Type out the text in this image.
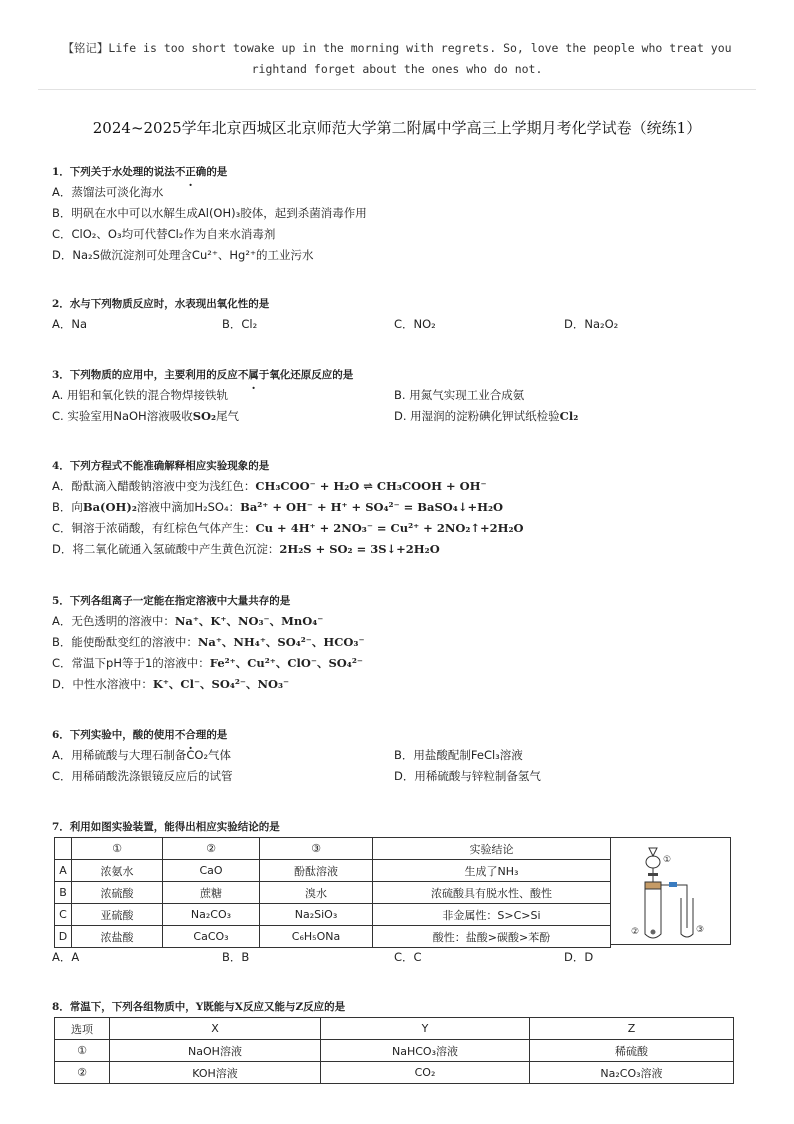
【铭记】Life is too short towake up in the morning with regrets. So, love the people who treat you
rightand forget about the ones who do not.
2024~2025学年北京西城区北京师范大学第二附属中学高三上学期月考化学试卷（统练1）
1．下列关于水处理的说法不正确的是
A．蒸馏法可淡化海水
B．明矾在水中可以水解生成Al(OH)₃胶体，起到杀菌消毒作用
C．ClO₂、O₃均可代替Cl₂作为自来水消毒剂
D．Na₂S做沉淀剂可处理含Cu²⁺、Hg²⁺的工业污水
2．水与下列物质反应时，水表现出氧化性的是
A．Na	B．Cl₂	C．NO₂	D．Na₂O₂
3．下列物质的应用中，主要利用的反应不属于氧化还原反应的是
A. 用铝和氧化铁的混合物焊接铁轨	B. 用氮气实现工业合成氨
C. 实验室用NaOH溶液吸收SO₂尾气	D. 用湿润的淀粉碘化钾试纸检验Cl₂
4．下列方程式不能准确解释相应实验现象的是
A．酚酞滴入醋酸钠溶液中变为浅红色：CH₃COO⁻ + H₂O ⇌ CH₃COOH + OH⁻
B．向Ba(OH)₂溶液中滴加H₂SO₄：Ba²⁺ + OH⁻ + H⁺ + SO₄²⁻ = BaSO₄↓+H₂O
C．铜溶于浓硝酸，有红棕色气体产生：Cu + 4H⁺ + 2NO₃⁻ = Cu²⁺ + 2NO₂↑+2H₂O
D．将二氧化硫通入氢硫酸中产生黄色沉淀：2H₂S + SO₂ = 3S↓+2H₂O
5．下列各组离子一定能在指定溶液中大量共存的是
A．无色透明的溶液中：Na⁺、K⁺、NO₃⁻、MnO₄⁻
B．能使酚酞变红的溶液中：Na⁺、NH₄⁺、SO₄²⁻、HCO₃⁻
C．常温下pH等于1的溶液中：Fe²⁺、Cu²⁺、ClO⁻、SO₄²⁻
D．中性水溶液中：K⁺、Cl⁻、SO₄²⁻、NO₃⁻
6．下列实验中，酸的使用不合理的是
A．用稀硫酸与大理石制备CO₂气体	B．用盐酸配制FeCl₃溶液
C．用稀硝酸洗涤银镜反应后的试管	D．用稀硫酸与锌粒制备氢气
7．利用如图实验装置，能得出相应实验结论的是
	①	②	③	实验结论
A	浓氨水	CaO	酚酞溶液	生成了NH₃
B	浓硫酸	蔗糖	溴水	浓硫酸具有脱水性、酸性
C	亚硫酸	Na₂CO₃	Na₂SiO₃	非金属性：S>C>Si
D	浓盐酸	CaCO₃	C₆H₅ONa	酸性：盐酸>碳酸>苯酚
①
②	③
A．A	B．B	C．C	D．D
8．常温下，下列各组物质中，Y既能与X反应又能与Z反应的是
选项	X	Y	Z
①	NaOH溶液	NaHCO₃溶液	稀硫酸
②	KOH溶液	CO₂	Na₂CO₃溶液
